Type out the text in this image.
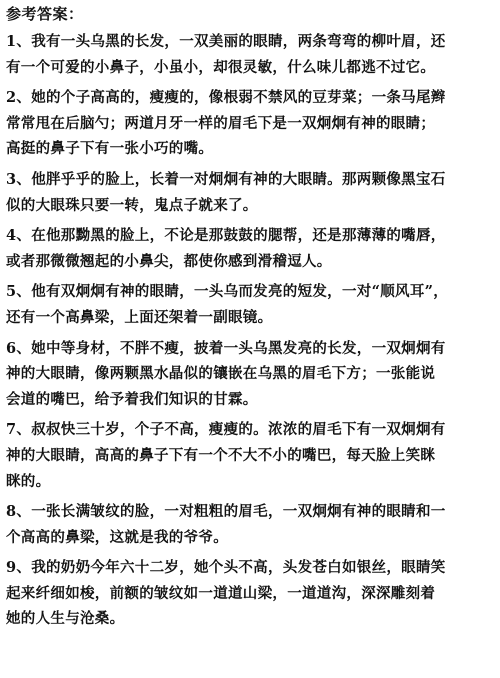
参考答案：
1、我有一头乌黑的长发，一双美丽的眼睛，两条弯弯的柳叶眉，还
有一个可爱的小鼻子，小虽小，却很灵敏，什么味儿都逃不过它。
2、她的个子高高的，瘦瘦的，像根弱不禁风的豆芽菜；一条马尾辫
常常甩在后脑勺；两道月牙一样的眉毛下是一双炯炯有神的眼睛；
高挺的鼻子下有一张小巧的嘴。
3、他胖乎乎的脸上，长着一对炯炯有神的大眼睛。那两颗像黑宝石
似的大眼珠只要一转，鬼点子就来了。
4、在他那黝黑的脸上，不论是那鼓鼓的腮帮，还是那薄薄的嘴唇，
或者那微微翘起的小鼻尖，都使你感到滑稽逗人。
5、他有双炯炯有神的眼睛，一头乌而发亮的短发，一对“顺风耳”，
还有一个高鼻梁，上面还架着一副眼镜。
6、她中等身材，不胖不瘦，披着一头乌黑发亮的长发，一双炯炯有
神的大眼睛，像两颗黑水晶似的镶嵌在乌黑的眉毛下方；一张能说
会道的嘴巴，给予着我们知识的甘霖。
7、叔叔快三十岁，个子不高，瘦瘦的。浓浓的眉毛下有一双炯炯有
神的大眼睛，高高的鼻子下有一个不大不小的嘴巴，每天脸上笑眯
眯的。
8、一张长满皱纹的脸，一对粗粗的眉毛，一双炯炯有神的眼睛和一
个高高的鼻梁，这就是我的爷爷。
9、我的奶奶今年六十二岁，她个头不高，头发苍白如银丝，眼睛笑
起来纤细如梭，前额的皱纹如一道道山梁，一道道沟，深深雕刻着
她的人生与沧桑。
